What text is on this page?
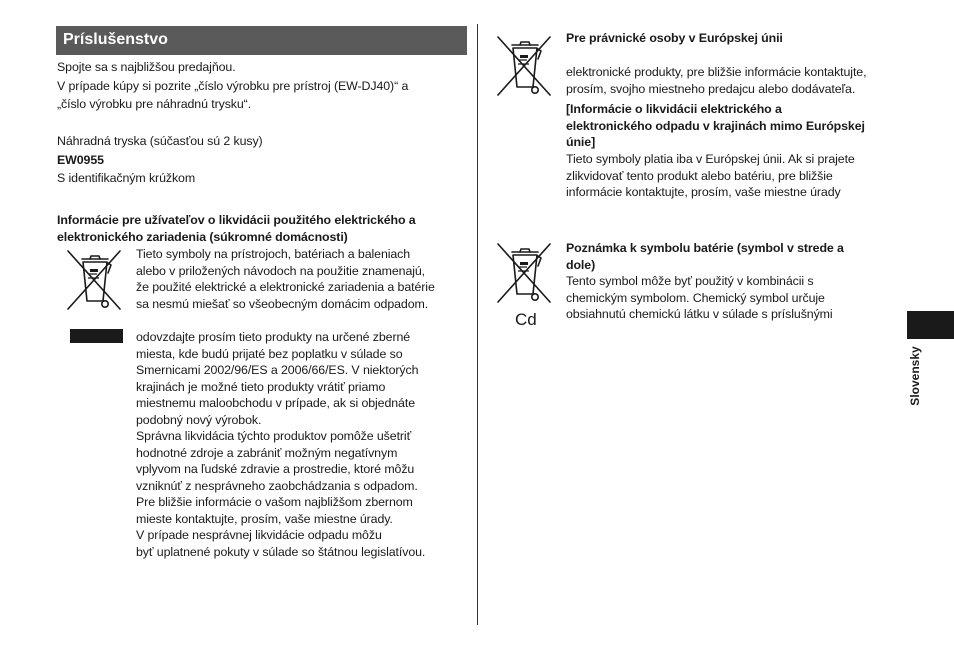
Príslušenstvo
Spojte sa s najbližšou predajňou.
V prípade kúpy si pozrite „číslo výrobku pre prístroj (EW-DJ40)“ a
„číslo výrobku pre náhradnú trysku“.
Náhradná tryska (súčasťou sú 2 kusy)
EW0955
S identifikačným krúžkom
Informácie pre užívateľov o likvidácii použitého elektrického a
elektronického zariadenia (súkromné domácnosti)
Tieto symboly na prístrojoch, batériach a baleniach
alebo v priložených návodoch na použitie znamenajú,
že použité elektrické a elektronické zariadenia a batérie
sa nesmú miešať so všeobecným domácim odpadom.
odovzdajte prosím tieto produkty na určené zberné
miesta, kde budú prijaté bez poplatku v súlade so
Smernicami 2002/96/ES a 2006/66/ES. V niektorých
krajinách je možné tieto produkty vrátiť priamo
miestnemu maloobchodu v prípade, ak si objednáte
podobný nový výrobok.
Správna likvidácia týchto produktov pomôže ušetriť
hodnotné zdroje a zabrániť možným negatívnym
vplyvom na ľudské zdravie a prostredie, ktoré môžu
vzniknúť z nesprávneho zaobchádzania s odpadom.
Pre bližšie informácie o vašom najbližšom zbernom
mieste kontaktujte, prosím, vaše miestne úrady.
V prípade nesprávnej likvidácie odpadu môžu
byť uplatnené pokuty v súlade so štátnou legislatívou.
Pre právnické osoby v Európskej únii
elektronické produkty, pre bližšie informácie kontaktujte,
prosím, svojho miestneho predajcu alebo dodávateľa.
[Informácie o likvidácii elektrického a
elektronického odpadu v krajinách mimo Európskej
únie]
Tieto symboly platia iba v Európskej únii. Ak si prajete
zlikvidovať tento produkt alebo batériu, pre bližšie
informácie kontaktujte, prosím, vaše miestne úrady
Cd
Poznámka k symbolu batérie (symbol v strede a
dole)
Tento symbol môže byť použitý v kombinácii s
chemickým symbolom. Chemický symbol určuje
obsiahnutú chemickú látku v súlade s príslušnými
Slovensky
